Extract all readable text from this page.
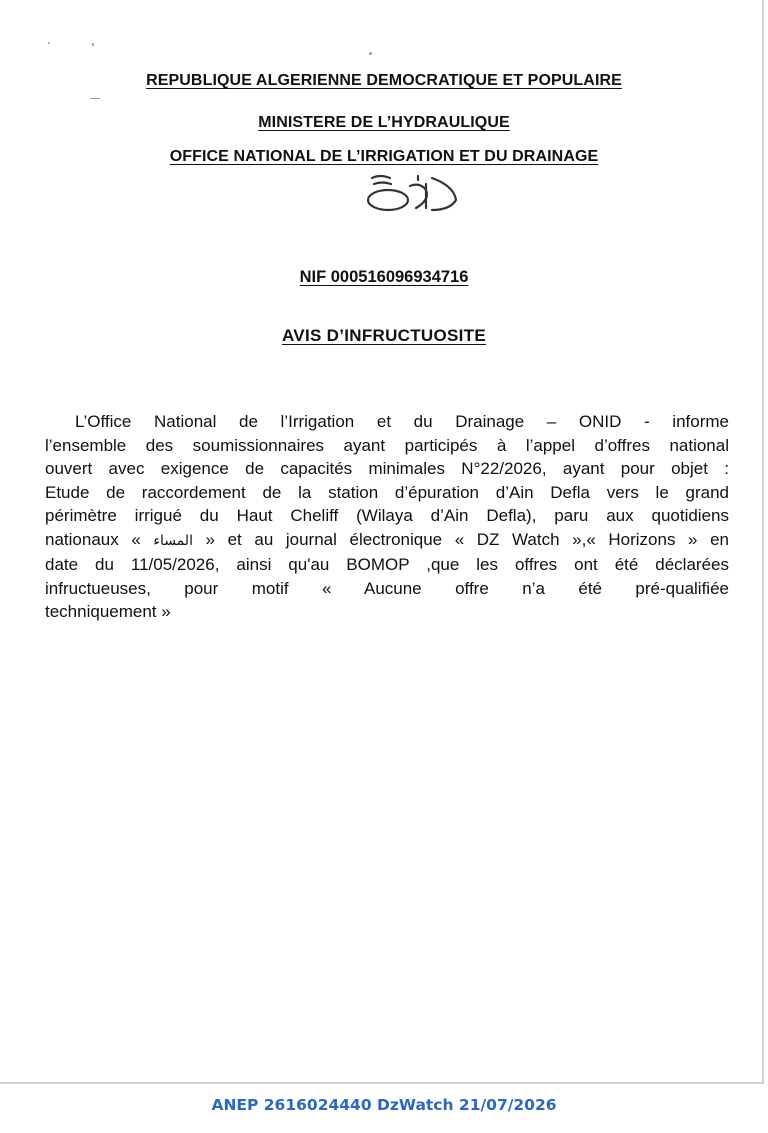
REPUBLIQUE ALGERIENNE DEMOCRATIQUE ET POPULAIRE
MINISTERE DE L’HYDRAULIQUE
OFFICE NATIONAL DE L’IRRIGATION ET DU DRAINAGE
NIF 000516096934716
AVIS D’INFRUCTUOSITE
L’Office National de l’Irrigation et du Drainage – ONID - informe
l’ensemble des soumissionnaires ayant participés à l’appel d’offres national
ouvert avec exigence de capacités minimales N°22/2026, ayant pour objet :
Etude de raccordement de la station d’épuration d’Ain Defla vers le grand
périmètre irrigué du Haut Cheliff (Wilaya d’Ain Defla), paru aux quotidiens
nationaux « المساء » et au journal électronique « DZ Watch »,« Horizons » en
date du 11/05/2026, ainsi qu'au BOMOP ,que les offres ont été déclarées
infructueuses, pour motif « Aucune offre n’a été pré-qualifiée
techniquement »
ANEP 2616024440 DzWatch 21/07/2026
